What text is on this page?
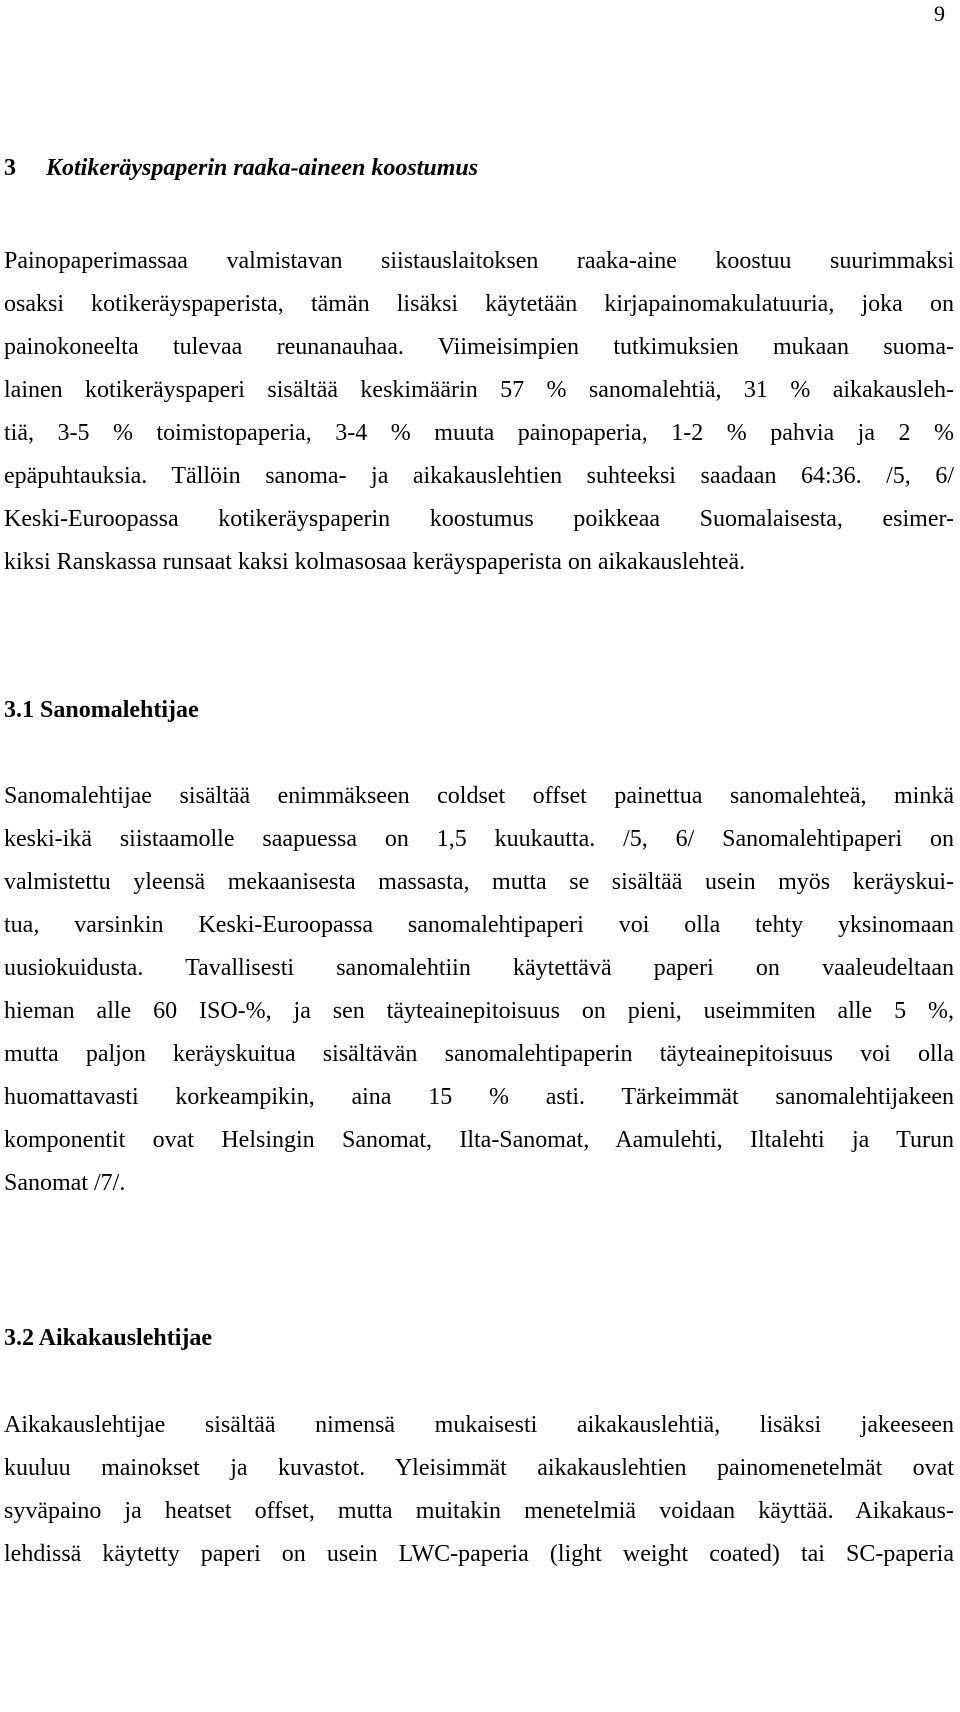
9
3 Kotikeräyspaperin raaka-aineen koostumus
Painopaperimassaa valmistavan siistauslaitoksen raaka-aine koostuu suurimmaksi
osaksi kotikeräyspaperista, tämän lisäksi käytetään kirjapainomakulatuuria, joka on
painokoneelta tulevaa reunanauhaa. Viimeisimpien tutkimuksien mukaan suoma-
lainen kotikeräyspaperi sisältää keskimäärin 57 % sanomalehtiä, 31 % aikakausleh-
tiä, 3-5 % toimistopaperia, 3-4 % muuta painopaperia, 1-2 % pahvia ja 2 %
epäpuhtauksia. Tällöin sanoma- ja aikakauslehtien suhteeksi saadaan 64:36. /5, 6/
Keski-Euroopassa kotikeräyspaperin koostumus poikkeaa Suomalaisesta, esimer-
kiksi Ranskassa runsaat kaksi kolmasosaa keräyspaperista on aikakauslehteä.
3.1 Sanomalehtijae
Sanomalehtijae sisältää enimmäkseen coldset offset painettua sanomalehteä, minkä
keski-ikä siistaamolle saapuessa on 1,5 kuukautta. /5, 6/ Sanomalehtipaperi on
valmistettu yleensä mekaanisesta massasta, mutta se sisältää usein myös keräyskui-
tua, varsinkin Keski-Euroopassa sanomalehtipaperi voi olla tehty yksinomaan
uusiokuidusta. Tavallisesti sanomalehtiin käytettävä paperi on vaaleudeltaan
hieman alle 60 ISO-%, ja sen täyteainepitoisuus on pieni, useimmiten alle 5 %,
mutta paljon keräyskuitua sisältävän sanomalehtipaperin täyteainepitoisuus voi olla
huomattavasti korkeampikin, aina 15 % asti. Tärkeimmät sanomalehtijakeen
komponentit ovat Helsingin Sanomat, Ilta-Sanomat, Aamulehti, Iltalehti ja Turun
Sanomat /7/.
3.2 Aikakauslehtijae
Aikakauslehtijae sisältää nimensä mukaisesti aikakauslehtiä, lisäksi jakeeseen
kuuluu mainokset ja kuvastot. Yleisimmät aikakauslehtien painomenetelmät ovat
syväpaino ja heatset offset, mutta muitakin menetelmiä voidaan käyttää. Aikakaus-
lehdissä käytetty paperi on usein LWC-paperia (light weight coated) tai SC-paperia
